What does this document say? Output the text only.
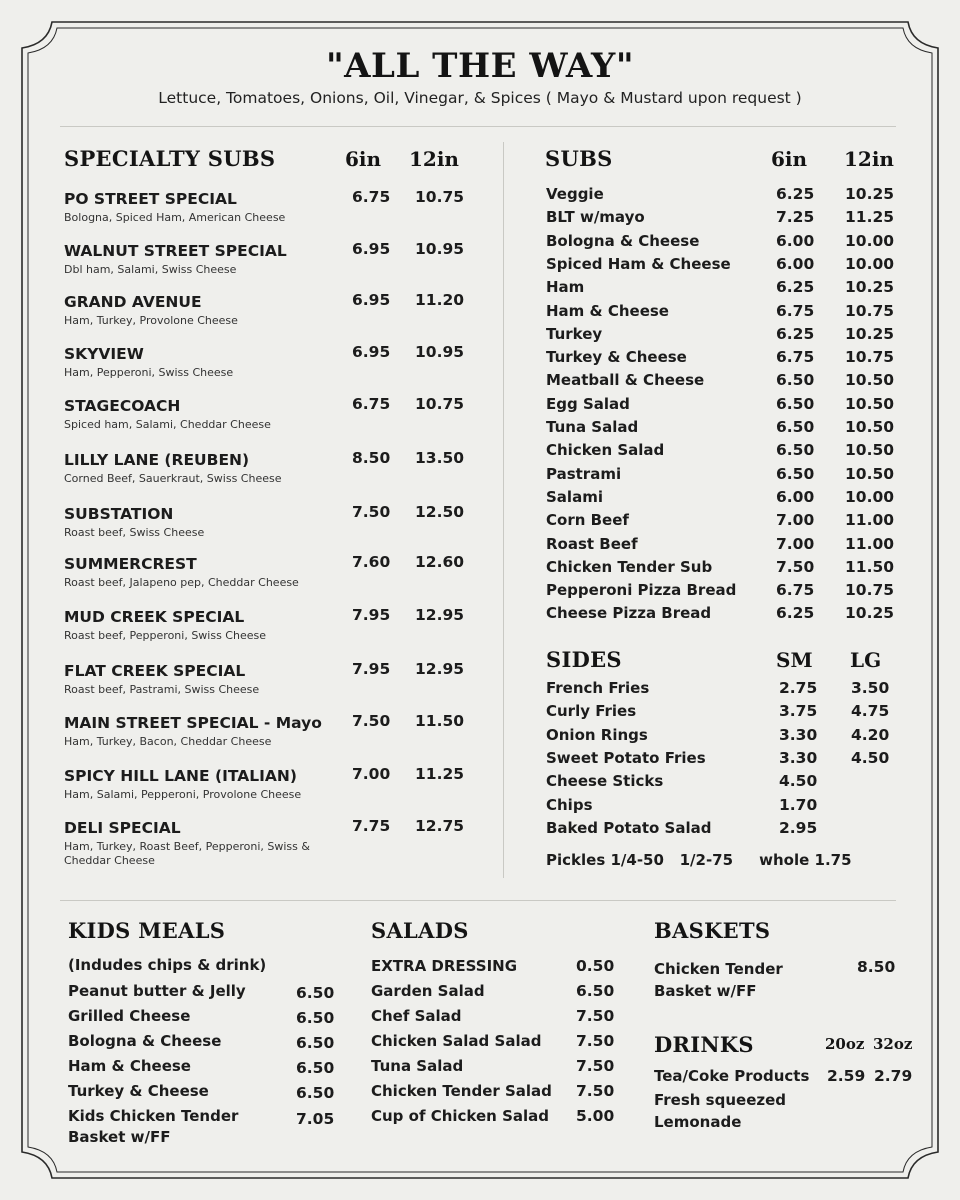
"ALL THE WAY"
Lettuce, Tomatoes, Onions, Oil, Vinegar, & Spices ( Mayo & Mustard upon request )
SPECIALTY SUBS	6in 12in
PO STREET SPECIAL
Bologna, Spiced Ham, American Cheese
6.75 10.75
WALNUT STREET SPECIAL
Dbl ham, Salami, Swiss Cheese
6.95 10.95
GRAND AVENUE
Ham, Turkey, Provolone Cheese
6.95 11.20
SKYVIEW
Ham, Pepperoni, Swiss Cheese
6.95 10.95
STAGECOACH
Spiced ham, Salami, Cheddar Cheese
6.75 10.75
LILLY LANE (REUBEN)
Corned Beef, Sauerkraut, Swiss Cheese
8.50 13.50
SUBSTATION
Roast beef, Swiss Cheese
7.50 12.50
SUMMERCREST
Roast beef, Jalapeno pep, Cheddar Cheese
7.60 12.60
MUD CREEK SPECIAL
Roast beef, Pepperoni, Swiss Cheese
7.95 12.95
FLAT CREEK SPECIAL
Roast beef, Pastrami, Swiss Cheese
7.95 12.95
MAIN STREET SPECIAL - Mayo
Ham, Turkey, Bacon, Cheddar Cheese
7.50 11.50
SPICY HILL LANE (ITALIAN)
Ham, Salami, Pepperoni, Provolone Cheese
7.00 11.25
DELI SPECIAL
Ham, Turkey, Roast Beef, Pepperoni, Swiss & Cheddar Cheese
7.75 12.75
SUBS	6in 12in
Veggie	6.25 10.25
BLT w/mayo	7.25 11.25
Bologna & Cheese	6.00 10.00
Spiced Ham & Cheese	6.00 10.00
Ham	6.25 10.25
Ham & Cheese	6.75 10.75
Turkey	6.25 10.25
Turkey & Cheese	6.75 10.75
Meatball & Cheese	6.50 10.50
Egg Salad	6.50 10.50
Tuna Salad	6.50 10.50
Chicken Salad	6.50 10.50
Pastrami	6.50 10.50
Salami	6.00 10.00
Corn Beef	7.00 11.00
Roast Beef	7.00 11.00
Chicken Tender Sub	7.50 11.50
Pepperoni Pizza Bread	6.75 10.75
Cheese Pizza Bread	6.25 10.25
SIDES	SM LG
French Fries	2.75 3.50
Curly Fries	3.75 4.75
Onion Rings	3.30 4.20
Sweet Potato Fries	3.30 4.50
Cheese Sticks	4.50
Chips	1.70
Baked Potato Salad	2.95
Pickles 1/4-50   1/2-75     whole 1.75
KIDS MEALS
(Indudes chips & drink)
Peanut butter & Jelly	6.50
Grilled Cheese	6.50
Bologna & Cheese	6.50
Ham & Cheese	6.50
Turkey & Cheese	6.50
Kids Chicken Tender Basket w/FF
7.05
SALADS
EXTRA DRESSING	0.50
Garden Salad	6.50
Chef Salad	7.50
Chicken Salad Salad 7.50
Tuna Salad	7.50
Chicken Tender Salad 7.50
Cup of Chicken Salad 5.00
BASKETS
Chicken Tender Basket w/FF
8.50
DRINKS	20oz 32oz
Tea/Coke Products 2.59 2.79
Fresh squeezed Lemonade
